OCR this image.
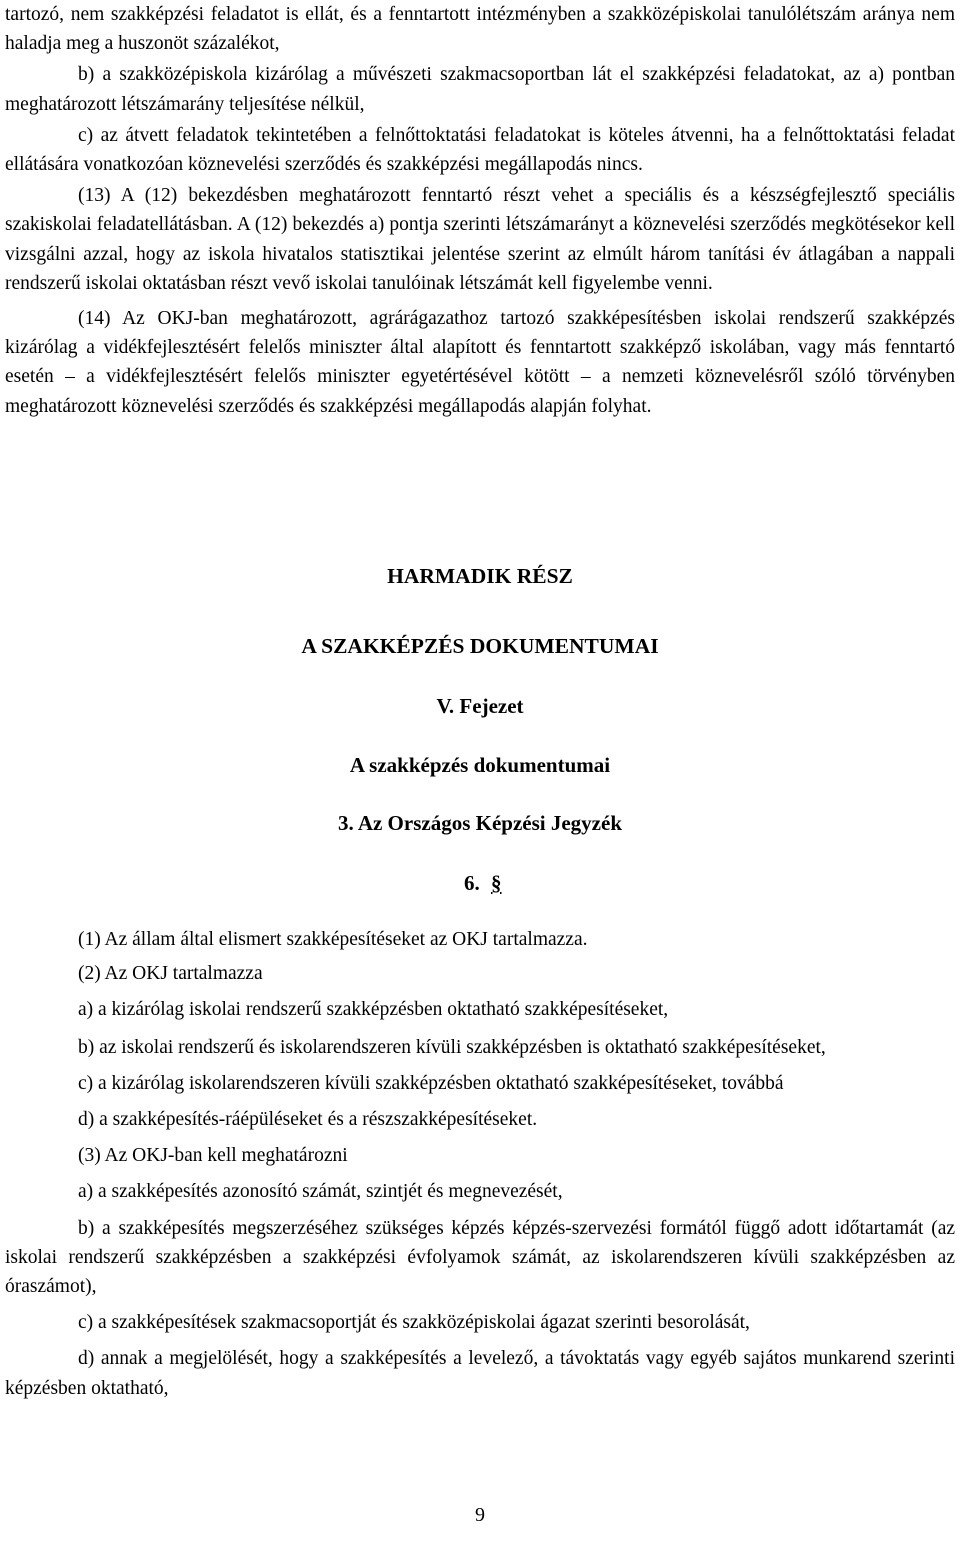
tartozó, nem szakképzési feladatot is ellát, és a fenntartott intézményben a szakközépiskolai tanulólétszám aránya nem haladja meg a huszonöt százalékot,

b) a szakközépiskola kizárólag a művészeti szakmacsoportban lát el szakképzési feladatokat, az a) pontban meghatározott létszámarány teljesítése nélkül,

c) az átvett feladatok tekintetében a felnőttoktatási feladatokat is köteles átvenni, ha a felnőttoktatási feladat ellátására vonatkozóan köznevelési szerződés és szakképzési megállapodás nincs.

(13) A (12) bekezdésben meghatározott fenntartó részt vehet a speciális és a készségfejlesztő speciális szakiskolai feladatellátásban. A (12) bekezdés a) pontja szerinti létszámarányt a köznevelési szerződés megkötésekor kell vizsgálni azzal, hogy az iskola hivatalos statisztikai jelentése szerint az elmúlt három tanítási év átlagában a nappali rendszerű iskolai oktatásban részt vevő iskolai tanulóinak létszámát kell figyelembe venni.

(14) Az OKJ-ban meghatározott, agrárágazathoz tartozó szakképesítésben iskolai rendszerű szakképzés kizárólag a vidékfejlesztésért felelős miniszter által alapított és fenntartott szakképző iskolában, vagy más fenntartó esetén – a vidékfejlesztésért felelős miniszter egyetértésével kötött – a nemzeti köznevelésről szóló törvényben meghatározott köznevelési szerződés és szakképzési megállapodás alapján folyhat.

HARMADIK RÉSZ

A SZAKKÉPZÉS DOKUMENTUMAI

V. Fejezet

A szakképzés dokumentumai

3. Az Országos Képzési Jegyzék

6. §

(1) Az állam által elismert szakképesítéseket az OKJ tartalmazza.

(2) Az OKJ tartalmazza

a) a kizárólag iskolai rendszerű szakképzésben oktatható szakképesítéseket,

b) az iskolai rendszerű és iskolarendszeren kívüli szakképzésben is oktatható szakképesítéseket,

c) a kizárólag iskolarendszeren kívüli szakképzésben oktatható szakképesítéseket, továbbá

d) a szakképesítés-ráépüléseket és a részszakképesítéseket.

(3) Az OKJ-ban kell meghatározni

a) a szakképesítés azonosító számát, szintjét és megnevezését,

b) a szakképesítés megszerzéséhez szükséges képzés képzés-szervezési formától függő adott időtartamát (az iskolai rendszerű szakképzésben a szakképzési évfolyamok számát, az iskolarendszeren kívüli szakképzésben az óraszámot),

c) a szakképesítések szakmacsoportját és szakközépiskolai ágazat szerinti besorolását,

d) annak a megjelölését, hogy a szakképesítés a levelező, a távoktatás vagy egyéb sajátos munkarend szerinti képzésben oktatható,

9
